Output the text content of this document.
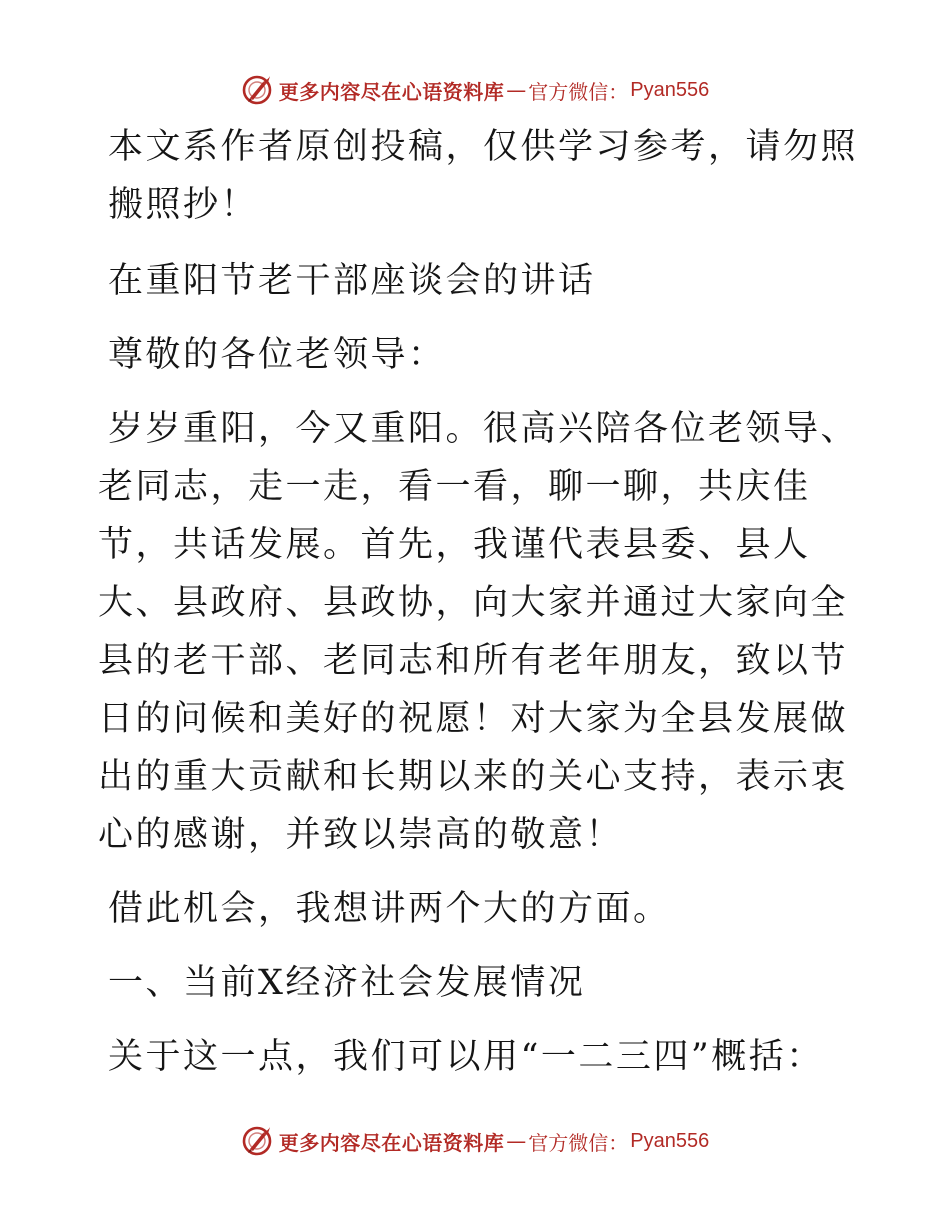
更多内容尽在心语资料库 — 官方微信： Pyan556

本文系作者原创投稿，仅供学习参考，请勿照搬照抄！

在重阳节老干部座谈会的讲话

尊敬的各位老领导：

岁岁重阳，今又重阳。很高兴陪各位老领导、老同志，走一走，看一看，聊一聊，共庆佳节，共话发展。首先，我谨代表县委、县人大、县政府、县政协，向大家并通过大家向全县的老干部、老同志和所有老年朋友，致以节日的问候和美好的祝愿！对大家为全县发展做出的重大贡献和长期以来的关心支持，表示衷心的感谢，并致以崇高的敬意！

借此机会，我想讲两个大的方面。

一、当前X经济社会发展情况

关于这一点，我们可以用“一二三四”概括：

更多内容尽在心语资料库 — 官方微信： Pyan556
